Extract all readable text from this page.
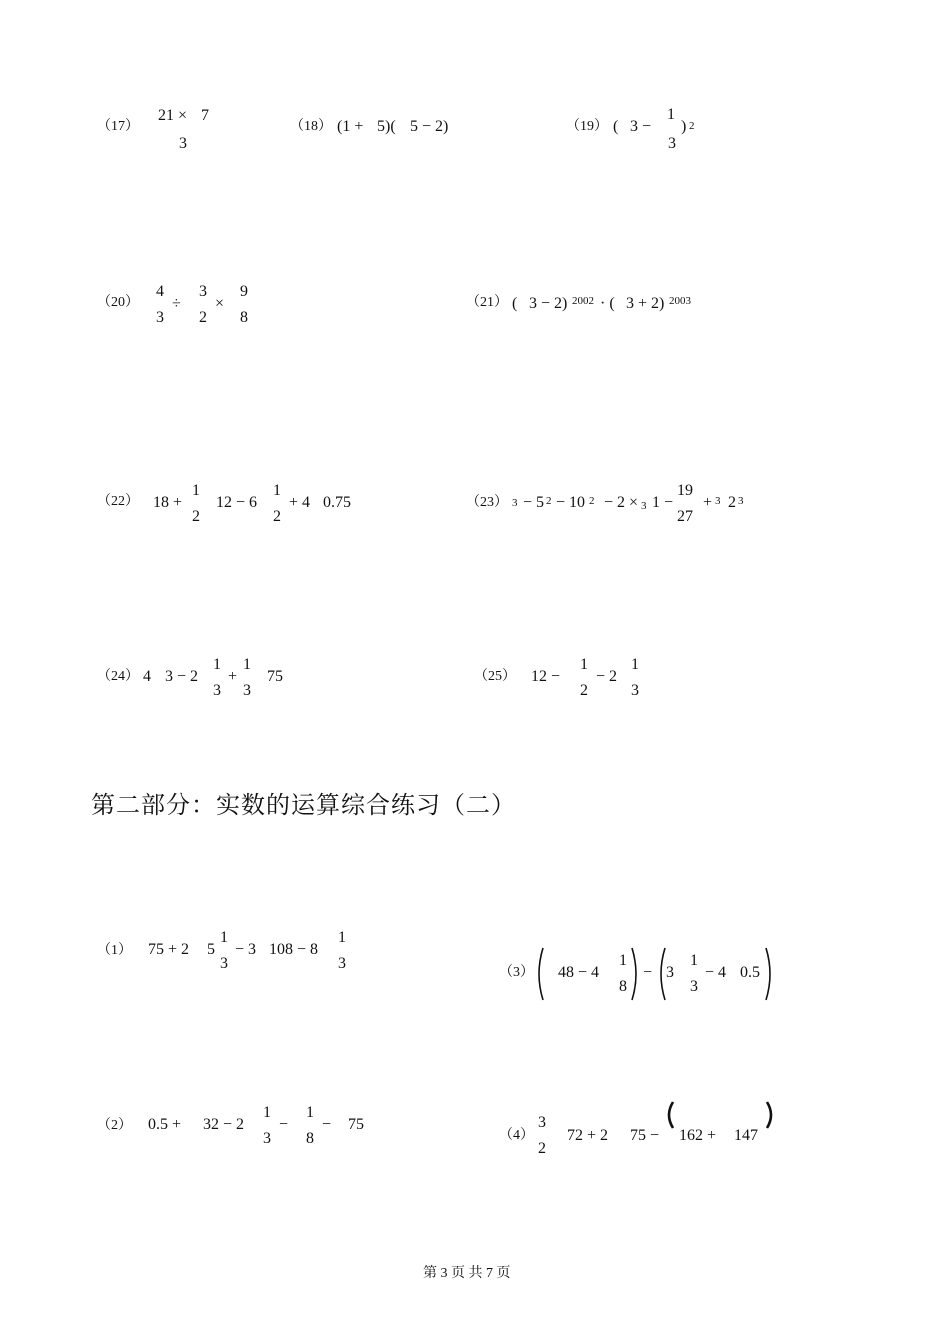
（17）
21 × 7
3
（18） (1 + 5)( 5 − 2)	（19） ( 3 −
1
3
) 2
（20）
4
3
÷
3
2
×
9
8
（21） ( 3 − 2) 2002 · ( 3 + 2) 2003
（22） 18 +
1
2
12 − 6
1
2
+ 4 0.75	（23） 3 − 5 2 − 10 2 − 2 × 3 1 −
19
27
+ 3 2 3
（24） 4 3 − 2
1
3
+
1
3
75	（25） 12 −
1
2
− 2
1
3
第二部分：实数的运算综合练习（二）
（1） 75 + 2 5
1
3
− 3 108 − 8
1
3
（3） 48 − 4
1
8
− 3
1
3
− 4 0.5
（2） 0.5 + 32 − 2
1
3
−
1
8
− 75
（4）
3
2
72 + 2 75 − 162 + 147
第 3 页 共 7 页
